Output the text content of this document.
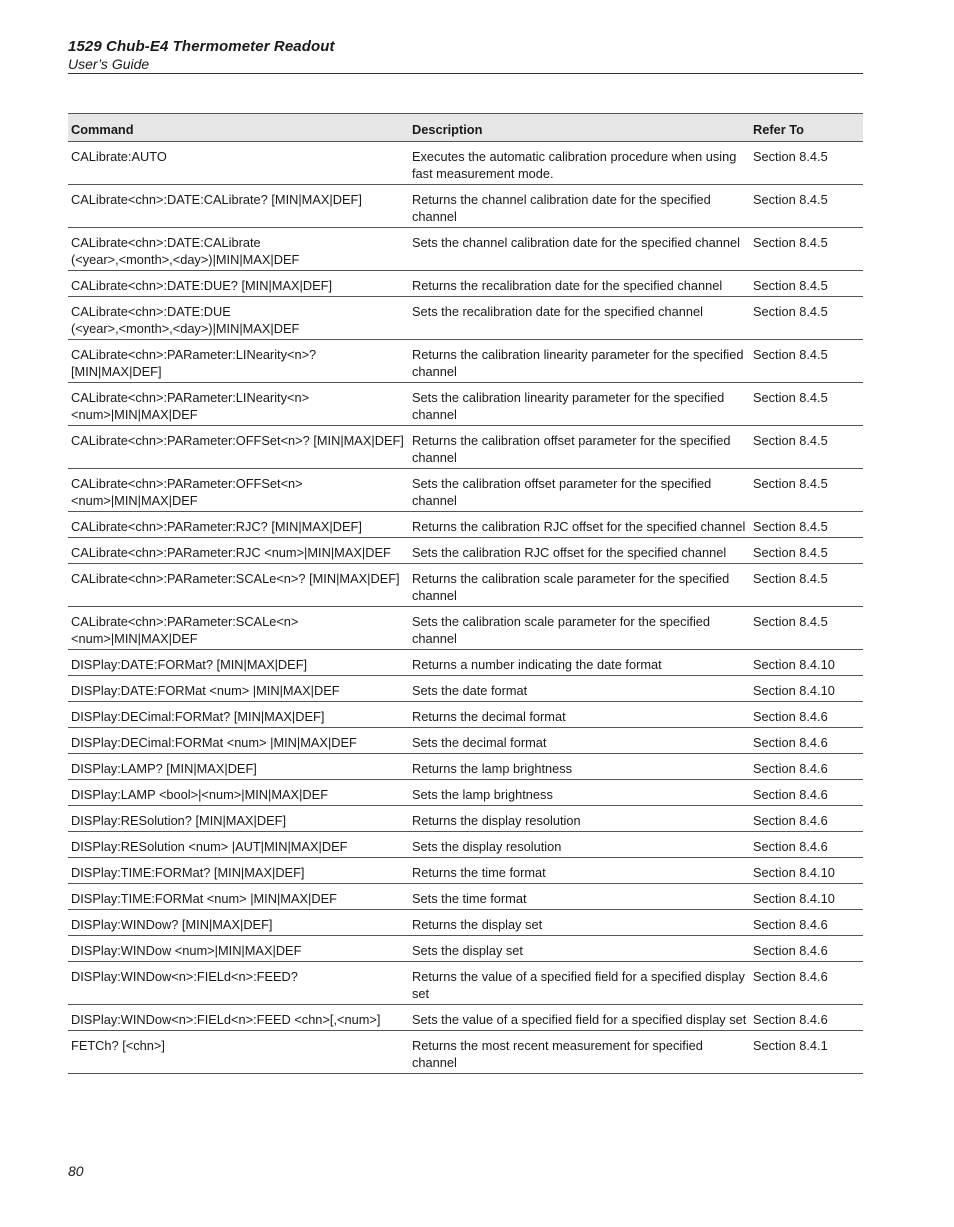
1529 Chub-E4 Thermometer Readout
User’s Guide
Command	Description	Refer To
CALibrate:AUTO	Executes the automatic calibration procedure when using fast measurement mode.	Section 8.4.5
CALibrate<chn>:DATE:CALibrate? [MIN|MAX|DEF]	Returns the channel calibration date for the specified channel	Section 8.4.5
CALibrate<chn>:DATE:CALibrate
(<year>,<month>,<day>)|MIN|MAX|DEF	Sets the channel calibration date for the specified channel	Section 8.4.5
CALibrate<chn>:DATE:DUE? [MIN|MAX|DEF]	Returns the recalibration date for the specified channel	Section 8.4.5
CALibrate<chn>:DATE:DUE
(<year>,<month>,<day>)|MIN|MAX|DEF	Sets the recalibration date for the specified channel	Section 8.4.5
CALibrate<chn>:PARameter:LINearity<n>?
[MIN|MAX|DEF]	Returns the calibration linearity parameter for the specified channel	Section 8.4.5
CALibrate<chn>:PARameter:LINearity<n>
<num>|MIN|MAX|DEF	Sets the calibration linearity parameter for the specified channel	Section 8.4.5
CALibrate<chn>:PARameter:OFFSet<n>? [MIN|MAX|DEF]	Returns the calibration offset parameter for the specified channel	Section 8.4.5
CALibrate<chn>:PARameter:OFFSet<n>
<num>|MIN|MAX|DEF	Sets the calibration offset parameter for the specified channel	Section 8.4.5
CALibrate<chn>:PARameter:RJC? [MIN|MAX|DEF]	Returns the calibration RJC offset for the specified channel	Section 8.4.5
CALibrate<chn>:PARameter:RJC <num>|MIN|MAX|DEF	Sets the calibration RJC offset for the specified channel	Section 8.4.5
CALibrate<chn>:PARameter:SCALe<n>? [MIN|MAX|DEF]	Returns the calibration scale parameter for the specified channel	Section 8.4.5
CALibrate<chn>:PARameter:SCALe<n>
<num>|MIN|MAX|DEF	Sets the calibration scale parameter for the specified channel	Section 8.4.5
DISPlay:DATE:FORMat? [MIN|MAX|DEF]	Returns a number indicating the date format	Section 8.4.10
DISPlay:DATE:FORMat <num> |MIN|MAX|DEF	Sets the date format	Section 8.4.10
DISPlay:DECimal:FORMat? [MIN|MAX|DEF]	Returns the decimal format	Section 8.4.6
DISPlay:DECimal:FORMat <num> |MIN|MAX|DEF	Sets the decimal format	Section 8.4.6
DISPlay:LAMP? [MIN|MAX|DEF]	Returns the lamp brightness	Section 8.4.6
DISPlay:LAMP <bool>|<num>|MIN|MAX|DEF	Sets the lamp brightness	Section 8.4.6
DISPlay:RESolution? [MIN|MAX|DEF]	Returns the display resolution	Section 8.4.6
DISPlay:RESolution <num> |AUT|MIN|MAX|DEF	Sets the display resolution	Section 8.4.6
DISPlay:TIME:FORMat? [MIN|MAX|DEF]	Returns the time format	Section 8.4.10
DISPlay:TIME:FORMat <num> |MIN|MAX|DEF	Sets the time format	Section 8.4.10
DISPlay:WINDow? [MIN|MAX|DEF]	Returns the display set	Section 8.4.6
DISPlay:WINDow <num>|MIN|MAX|DEF	Sets the display set	Section 8.4.6
DISPlay:WINDow<n>:FIELd<n>:FEED?	Returns the value of a specified field for a specified display set	Section 8.4.6
DISPlay:WINDow<n>:FIELd<n>:FEED <chn>[,<num>]	Sets the value of a specified field for a specified display set	Section 8.4.6
FETCh? [<chn>]	Returns the most recent measurement for specified channel	Section 8.4.1
80
